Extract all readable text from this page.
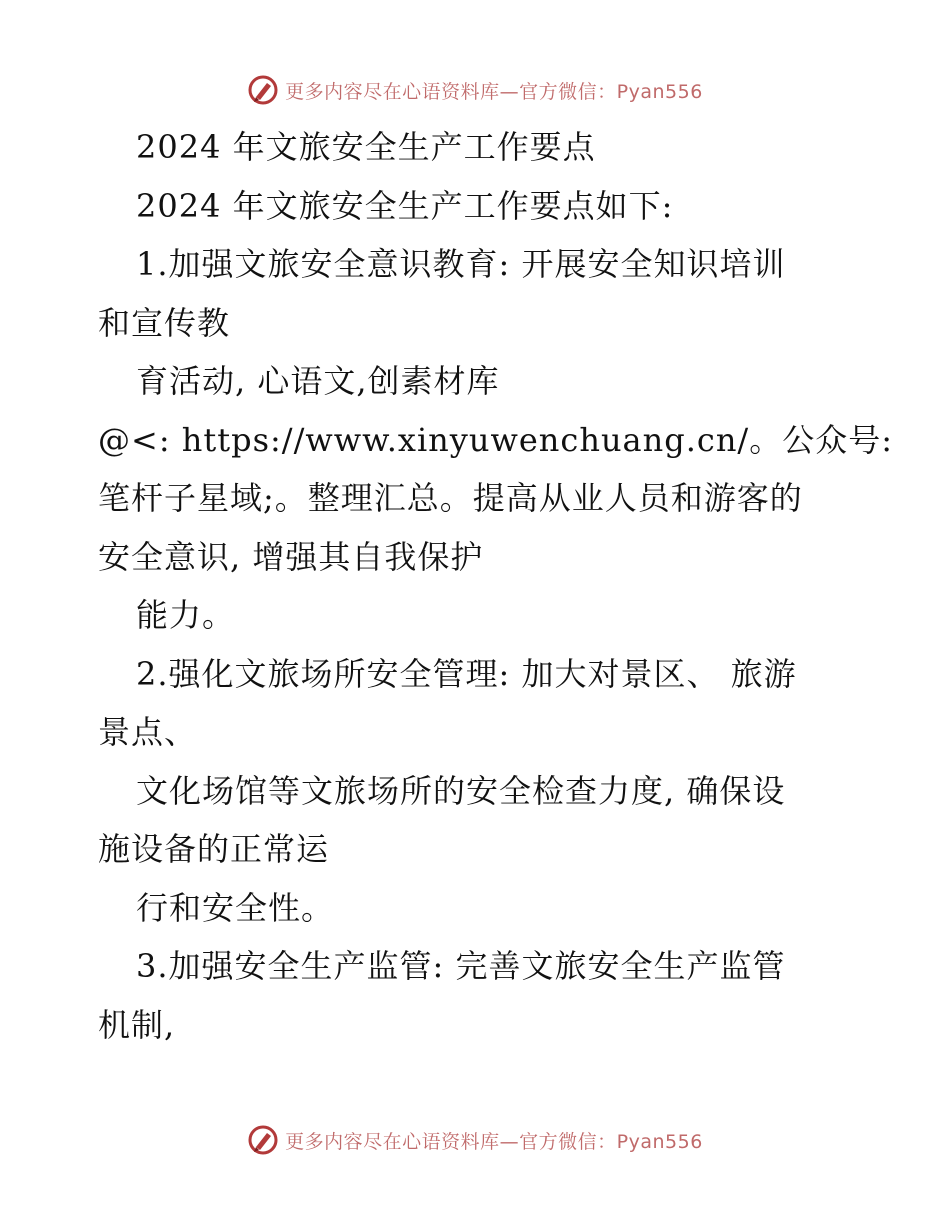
更多内容尽在心语资料库—官方微信：Pyan556
2024 年文旅安全生产工作要点
2024 年文旅安全生产工作要点如下:
1.加强文旅安全意识教育: 开展安全知识培训
和宣传教
育活动, 心语文,创素材库
@<: https://www.xinyuwenchuang.cn/。公众号:
笔杆子星域;。整理汇总。提高从业人员和游客的
安全意识, 增强其自我保护
能力。
2.强化文旅场所安全管理: 加大对景区、 旅游
景点、
文化场馆等文旅场所的安全检查力度, 确保设
施设备的正常运
行和安全性。
3.加强安全生产监管: 完善文旅安全生产监管
机制,
更多内容尽在心语资料库—官方微信：Pyan556
